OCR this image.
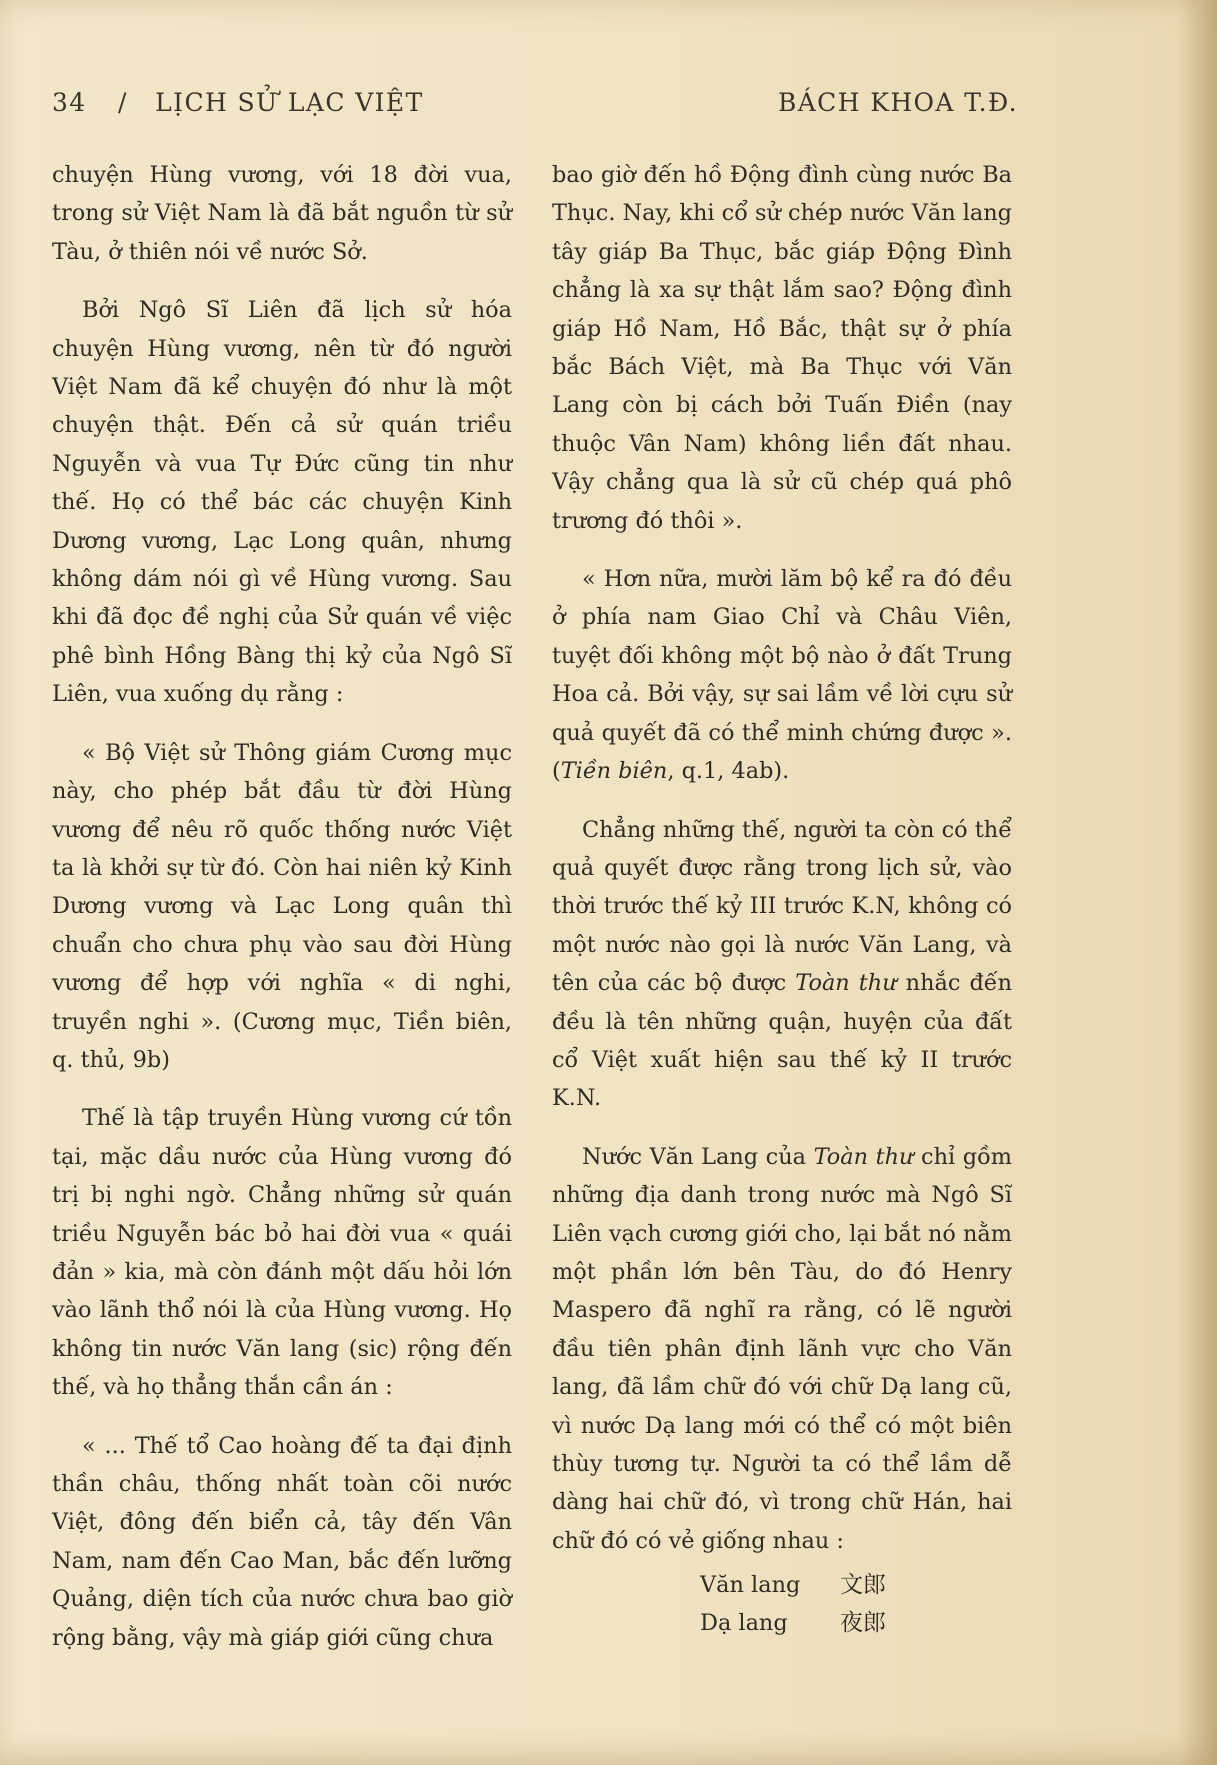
34 / LỊCH SỬ LẠC VIỆT	BÁCH KHOA T.Đ.

chuyện Hùng vương, với 18 đời vua, trong sử Việt Nam là đã bắt nguồn từ sử Tàu, ở thiên nói về nước Sở.

Bởi Ngô Sĩ Liên đã lịch sử hóa chuyện Hùng vương, nên từ đó người Việt Nam đã kể chuyện đó như là một chuyện thật. Đến cả sử quán triều Nguyễn và vua Tự Đức cũng tin như thế. Họ có thể bác các chuyện Kinh Dương vương, Lạc Long quân, nhưng không dám nói gì về Hùng vương. Sau khi đã đọc đề nghị của Sử quán về việc phê bình Hồng Bàng thị kỷ của Ngô Sĩ Liên, vua xuống dụ rằng :

« Bộ Việt sử Thông giám Cương mục này, cho phép bắt đầu từ đời Hùng vương để nêu rõ quốc thống nước Việt ta là khởi sự từ đó. Còn hai niên kỷ Kinh Dương vương và Lạc Long quân thì chuẩn cho chưa phụ vào sau đời Hùng vương để hợp với nghĩa « di nghi, truyền nghi ». (Cương mục, Tiền biên, q. thủ, 9b)

Thế là tập truyền Hùng vương cứ tồn tại, mặc dầu nước của Hùng vương đó trị bị nghi ngờ. Chẳng những sử quán triều Nguyễn bác bỏ hai đời vua « quái đản » kia, mà còn đánh một dấu hỏi lớn vào lãnh thổ nói là của Hùng vương. Họ không tin nước Văn lang (sic) rộng đến thế, và họ thẳng thắn cần án :

« ... Thế tổ Cao hoàng đế ta đại định thần châu, thống nhất toàn cõi nước Việt, đông đến biển cả, tây đến Vân Nam, nam đến Cao Man, bắc đến lưỡng Quảng, diện tích của nước chưa bao giờ rộng bằng, vậy mà giáp giới cũng chưa

bao giờ đến hồ Động đình cùng nước Ba Thục. Nay, khi cổ sử chép nước Văn lang tây giáp Ba Thục, bắc giáp Động Đình chẳng là xa sự thật lắm sao? Động đình giáp Hồ Nam, Hồ Bắc, thật sự ở phía bắc Bách Việt, mà Ba Thục với Văn Lang còn bị cách bởi Tuấn Điền (nay thuộc Vân Nam) không liền đất nhau. Vậy chẳng qua là sử cũ chép quá phô trương đó thôi ».

« Hơn nữa, mười lăm bộ kể ra đó đều ở phía nam Giao Chỉ và Châu Viên, tuyệt đối không một bộ nào ở đất Trung Hoa cả. Bởi vậy, sự sai lầm về lời cựu sử quả quyết đã có thể minh chứng được ». (Tiền biên, q.1, 4ab).

Chẳng những thế, người ta còn có thể quả quyết được rằng trong lịch sử, vào thời trước thế kỷ III trước K.N, không có một nước nào gọi là nước Văn Lang, và tên của các bộ được Toàn thư nhắc đến đều là tên những quận, huyện của đất cổ Việt xuất hiện sau thế kỷ II trước K.N.

Nước Văn Lang của Toàn thư chỉ gồm những địa danh trong nước mà Ngô Sĩ Liên vạch cương giới cho, lại bắt nó nằm một phần lớn bên Tàu, do đó Henry Maspero đã nghĩ ra rằng, có lẽ người đầu tiên phân định lãnh vực cho Văn lang, đã lầm chữ đó với chữ Dạ lang cũ, vì nước Dạ lang mới có thể có một biên thùy tương tự. Người ta có thể lầm dễ dàng hai chữ đó, vì trong chữ Hán, hai chữ đó có vẻ giống nhau :

Văn lang	文郎
Dạ lang	夜郎
